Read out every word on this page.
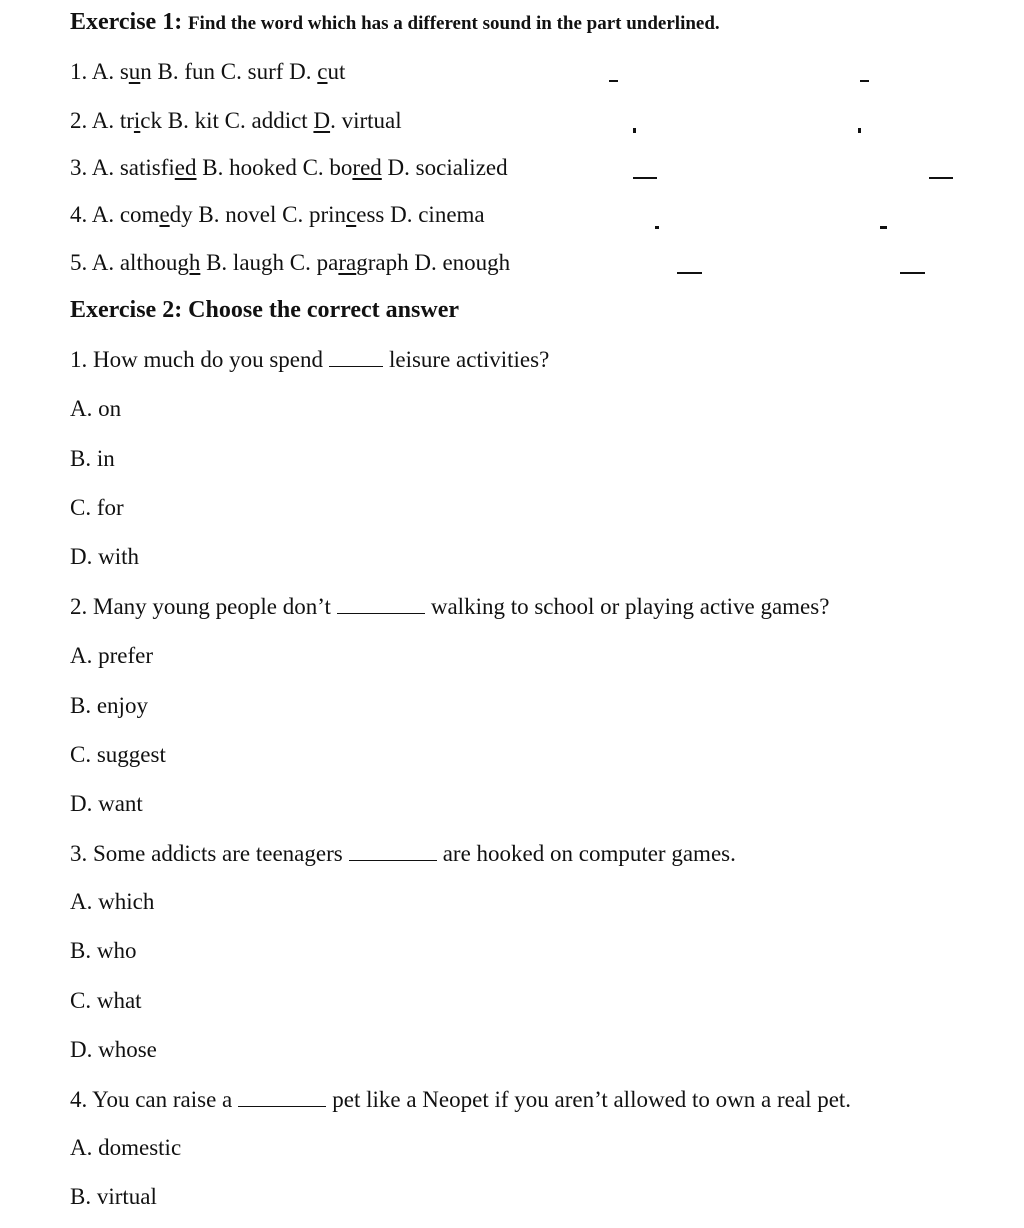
Exercise 1: Find the word which has a different sound in the part underlined.
1. A. sun B. fun C. surf D. cut
2. A. trick B. kit C. addict D. virtual
3. A. satisfied B. hooked C. bored D. socialized
4. A. comedy B. novel C. princess D. cinema
5. A. although B. laugh C. paragraph D. enough
Exercise 2: Choose the correct answer
1. How much do you spend	leisure activities?
A. on
B. in
C. for
D. with
2. Many young people don’t	walking to school or playing active games?
A. prefer
B. enjoy
C. suggest
D. want
3. Some addicts are teenagers	are hooked on computer games.
A. which
B. who
C. what
D. whose
4. You can raise a	pet like a Neopet if you aren’t allowed to own a real pet.
A. domestic
B. virtual
